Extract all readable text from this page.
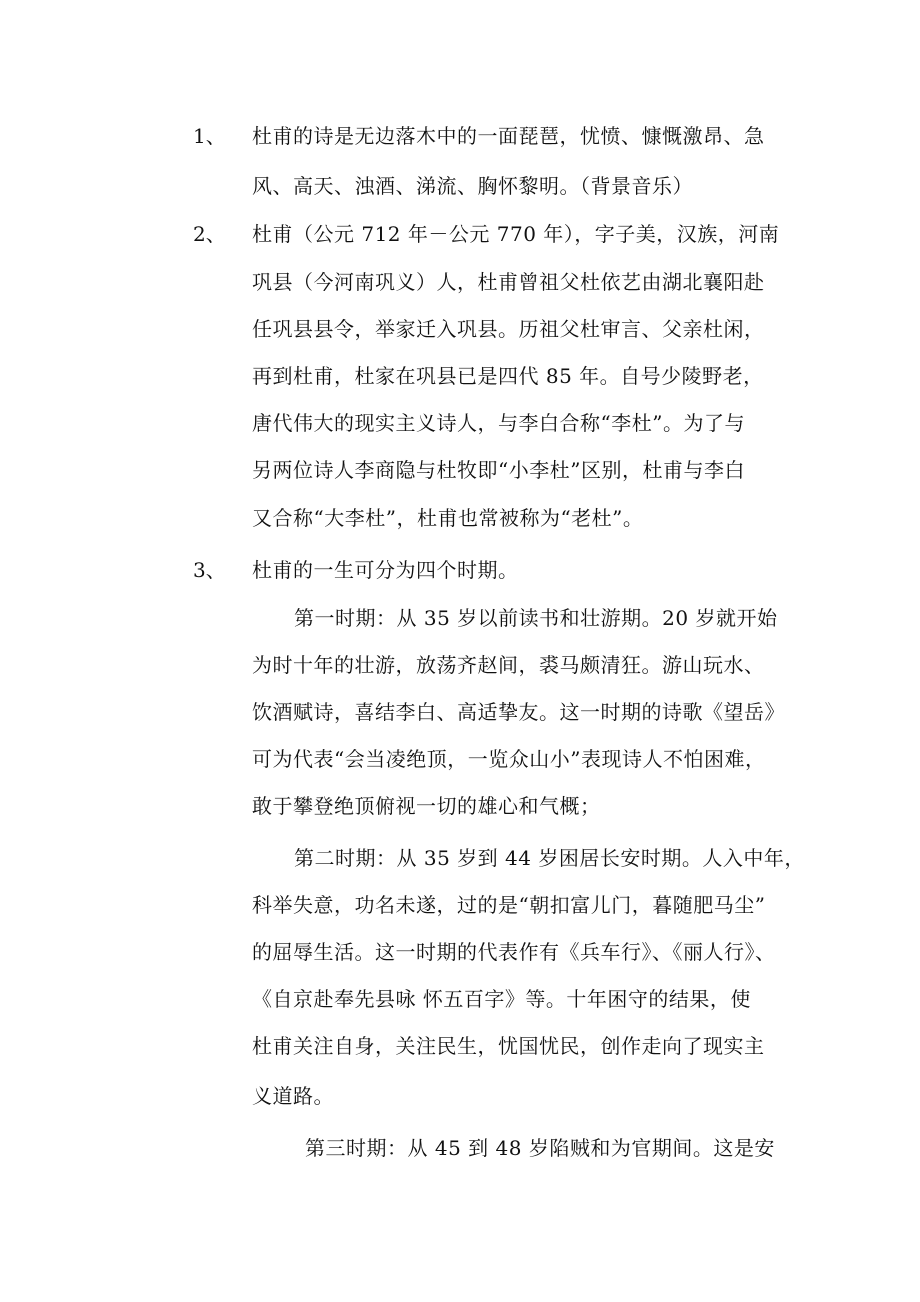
1、 杜甫的诗是无边落木中的一面琵琶，忧愤、慷慨激昂、急
风、高天、浊酒、涕流、胸怀黎明。（背景音乐）
2、 杜甫（公元 712 年－公元 770 年），字子美，汉族，河南
巩县（今河南巩义）人，杜甫曾祖父杜依艺由湖北襄阳赴
任巩县县令，举家迁入巩县。历祖父杜审言、父亲杜闲，
再到杜甫，杜家在巩县已是四代 85 年。自号少陵野老，
唐代伟大的现实主义诗人，与李白合称“李杜”。为了与
另两位诗人李商隐与杜牧即“小李杜”区别，杜甫与李白
又合称“大李杜”，杜甫也常被称为“老杜”。
3、 杜甫的一生可分为四个时期。
第一时期：从 35 岁以前读书和壮游期。20 岁就开始
为时十年的壮游，放荡齐赵间，裘马颇清狂。游山玩水、
饮酒赋诗，喜结李白、高适挚友。这一时期的诗歌《望岳》
可为代表“会当凌绝顶，一览众山小”表现诗人不怕困难，
敢于攀登绝顶俯视一切的雄心和气概；
第二时期：从 35 岁到 44 岁困居长安时期。人入中年，
科举失意，功名未遂，过的是“朝扣富儿门，暮随肥马尘”
的屈辱生活。这一时期的代表作有《兵车行》、《丽人行》、
《自京赴奉先县咏 怀五百字》等。十年困守的结果，使
杜甫关注自身，关注民生，忧国忧民，创作走向了现实主
义道路。
第三时期：从 45 到 48 岁陷贼和为官期间。这是安
